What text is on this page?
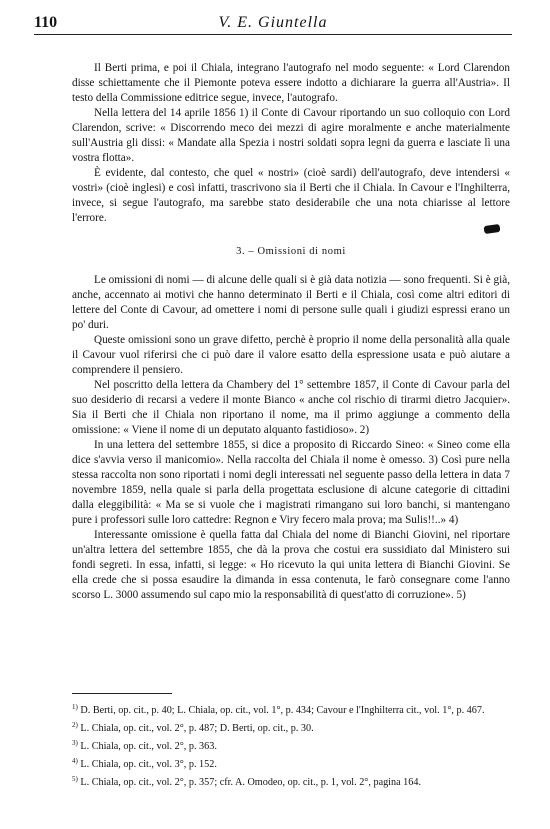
110	V. E. Giuntella

Il Berti prima, e poi il Chiala, integrano l'autografo nel modo seguente: « Lord Clarendon disse schiettamente che il Piemonte poteva essere indotto a dichiarare la guerra all'Austria». Il testo della Commissione editrice segue, invece, l'autografo.

Nella lettera del 14 aprile 1856 1) il Conte di Cavour riportando un suo colloquio con Lord Clarendon, scrive: « Discorrendo meco dei mezzi di agire moralmente e anche materialmente sull'Austria gli dissi: « Mandate alla Spezia i nostri soldati sopra legni da guerra e lasciate lì una vostra flotta».

È evidente, dal contesto, che quel « nostri» (cioè sardi) dell'autografo, deve intendersi « vostri» (cioè inglesi) e così infatti, trascrivono sia il Berti che il Chiala. In Cavour e l'Inghilterra, invece, si segue l'autografo, ma sarebbe stato desiderabile che una nota chiarisse al lettore l'errore.

3. – Omissioni di nomi

Le omissioni di nomi — di alcune delle quali si è già data notizia — sono frequenti. Si è già, anche, accennato ai motivi che hanno determinato il Berti e il Chiala, così come altri editori di lettere del Conte di Cavour, ad omettere i nomi di persone sulle quali i giudizi espressi erano un po' duri.

Queste omissioni sono un grave difetto, perchè è proprio il nome della personalità alla quale il Cavour vuol riferirsi che ci può dare il valore esatto della espressione usata e può aiutare a comprendere il pensiero.

Nel poscritto della lettera da Chambery del 1° settembre 1857, il Conte di Cavour parla del suo desiderio di recarsi a vedere il monte Bianco « anche col rischio di tirarmi dietro Jacquier». Sia il Berti che il Chiala non riportano il nome, ma il primo aggiunge a commento della omissione: « Viene il nome di un deputato alquanto fastidioso». 2)

In una lettera del settembre 1855, si dice a proposito di Riccardo Sineo: « Sineo come ella dice s'avvia verso il manicomio». Nella raccolta del Chiala il nome è omesso. 3) Così pure nella stessa raccolta non sono riportati i nomi degli interessati nel seguente passo della lettera in data 7 novembre 1859, nella quale si parla della progettata esclusione di alcune categorie di cittadini dalla eleggibilità: « Ma se si vuole che i magistrati rimangano sui loro banchi, si mantengano pure i professori sulle loro cattedre: Regnon e Viry fecero mala prova; ma Sulis!!..» 4)

Interessante omissione è quella fatta dal Chiala del nome di Bianchi Giovini, nel riportare un'altra lettera del settembre 1855, che dà la prova che costui era sussidiato dal Ministero sui fondi segreti. In essa, infatti, si legge: « Ho ricevuto la qui unita lettera di Bianchi Giovini. Se ella crede che si possa esaudire la dimanda in essa contenuta, le farò consegnare come l'anno scorso L. 3000 assumendo sul capo mio la responsabilità di quest'atto di corruzione». 5)

$^{1)}$ D. Berti, op. cit., p. 40; L. Chiala, op. cit., vol. 1°, p. 434; Cavour e l'Inghilterra cit., vol. 1°, p. 467.
$^{2)}$ L. Chiala, op. cit., vol. 2°, p. 487; D. Berti, op. cit., p. 30.
$^{3)}$ L. Chiala, op. cit., vol. 2°, p. 363.
$^{4)}$ L. Chiala, op. cit., vol. 3°, p. 152.
$^{5)}$ L. Chiala, op. cit., vol. 2°, p. 357; cfr. A. Omodeo, op. cit., p. 1, vol. 2°, pagina 164.
